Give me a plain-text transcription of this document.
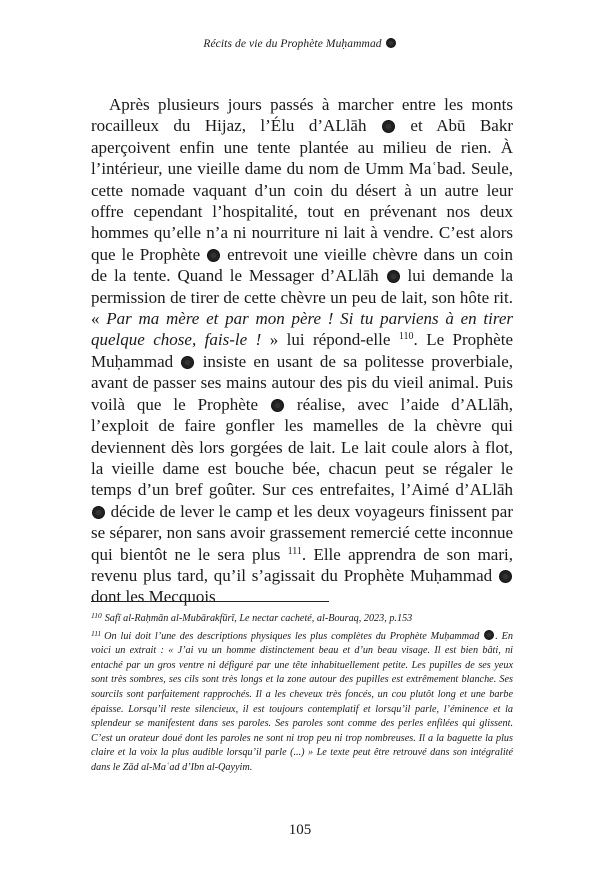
Récits de vie du Prophète Muḥammad

Après plusieurs jours passés à marcher entre les monts rocailleux du Hijaz, l’Élu d’ALlāh	et Abū Bakr aperçoivent enfin une tente plantée au milieu de rien. À l’intérieur, une vieille dame du nom de Umm Maʿbad. Seule, cette nomade vaquant d’un coin du désert à un autre leur offre cependant l’hospitalité, tout en prévenant nos deux hommes qu’elle n’a ni nourriture ni lait à vendre. C’est alors que le Prophète entrevoit une vieille chèvre dans un coin de la tente. Quand le Messager d’ALlāh lui demande la permission de tirer de cette chèvre un peu de lait, son hôte rit. « Par ma mère et par mon père ! Si tu parviens à en tirer quelque chose, fais-le ! » lui répond-elle $^{110}$. Le Prophète Muḥammad insiste en usant de sa politesse proverbiale, avant de passer ses mains autour des pis du vieil animal. Puis voilà que le Prophète réalise, avec l’aide d’ALlāh, l’exploit de faire gonfler les mamelles de la chèvre qui deviennent dès lors gorgées de lait. Le lait coule alors à flot, la vieille dame est bouche bée, chacun peut se régaler le temps d’un bref goûter. Sur ces entrefaites, l’Aimé d’ALlāh  décide de lever le camp et les deux voyageurs finissent par se séparer, non sans avoir grassement remercié cette inconnue qui bientôt ne le sera plus $^{111}$. Elle apprendra de son mari, revenu plus tard, qu’il s’agissait du Prophète Muḥammad  dont les Mecquois

$^{110}$ Safī al-Raḥmān al-Mubārakfūrī, Le nectar cacheté, al-Bouraq, 2023, p.153

$^{111}$ On lui doit l’une des descriptions physiques les plus complètes du Prophète Muḥammad . En voici un extrait : « J’ai vu un homme distinctement beau et d’un beau visage. Il est bien bâti, ni entaché par un gros ventre ni défiguré par une tête inhabituellement petite. Les pupilles de ses yeux sont très sombres, ses cils sont très longs et la zone autour des pupilles est extrêmement blanche. Ses sourcils sont parfaitement rapprochés. Il a les cheveux très foncés, un cou plutôt long et une barbe épaisse. Lorsqu’il reste silencieux, il est toujours contemplatif et lorsqu’il parle, l’éminence et la splendeur se manifestent dans ses paroles. Ses paroles sont comme des perles enfilées qui glissent. C’est un orateur doué dont les paroles ne sont ni trop peu ni trop nombreuses. Il a la baguette la plus claire et la voix la plus audible lorsqu’il parle (...) » Le texte peut être retrouvé dans son intégralité dans le Zād al-Maʿad d’Ibn al-Qayyim.

105
